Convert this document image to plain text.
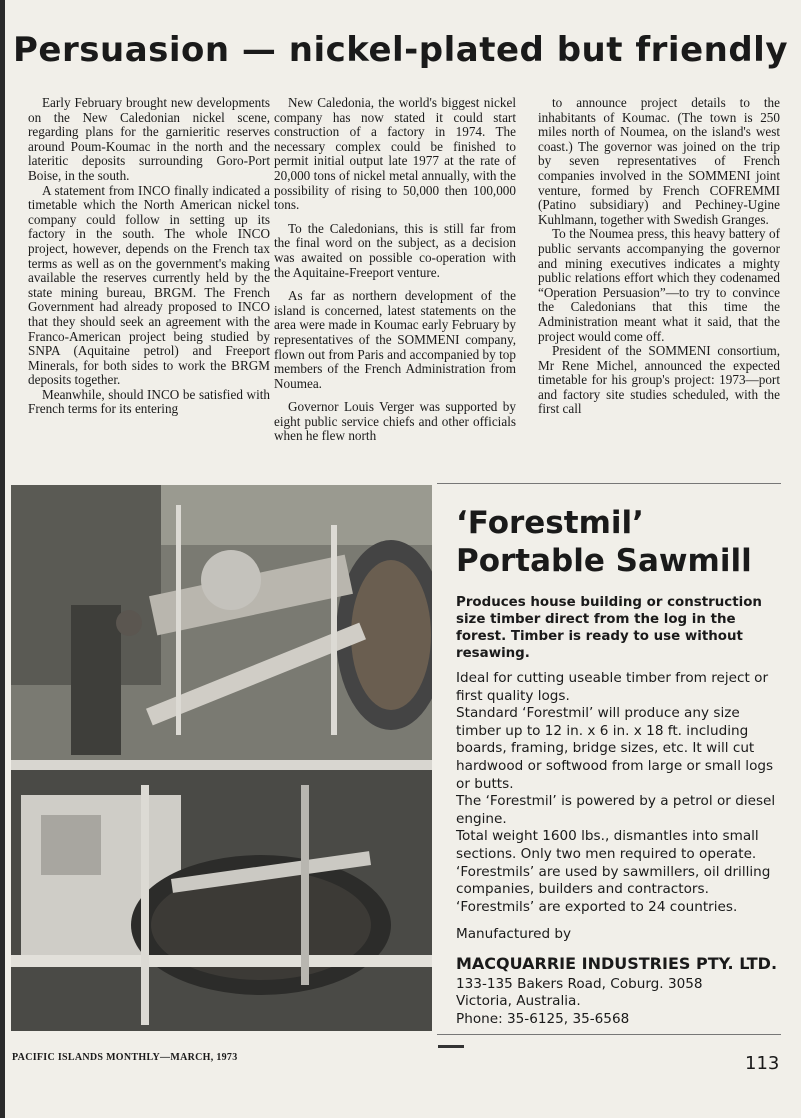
Persuasion — nickel-plated but friendly

Early February brought new developments on the New Caledonian nickel scene, regarding plans for the garnieritic reserves around Poum-Koumac in the north and the lateritic deposits surrounding Goro-Port Boise, in the south.

A statement from INCO finally indicated a timetable which the North American nickel company could follow in setting up its factory in the south. The whole INCO project, however, depends on the French tax terms as well as on the government's making available the reserves currently held by the state mining bureau, BRGM. The French Government had already proposed to INCO that they should seek an agreement with the Franco-American project being studied by SNPA (Aquitaine petrol) and Freeport Minerals, for both sides to work the BRGM deposits together.

Meanwhile, should INCO be satisfied with French terms for its entering

New Caledonia, the world's biggest nickel company has now stated it could start construction of a factory in 1974. The necessary complex could be finished to permit initial output late 1977 at the rate of 20,000 tons of nickel metal annually, with the possibility of rising to 50,000 then 100,000 tons.

To the Caledonians, this is still far from the final word on the subject, as a decision was awaited on possible co-operation with the Aquitaine-Freeport venture.

As far as northern development of the island is concerned, latest statements on the area were made in Koumac early February by representatives of the SOMMENI company, flown out from Paris and accompanied by top members of the French Administration from Noumea.

Governor Louis Verger was supported by eight public service chiefs and other officials when he flew north

to announce project details to the inhabitants of Koumac. (The town is 250 miles north of Noumea, on the island's west coast.) The governor was joined on the trip by seven representatives of French companies involved in the SOMMENI joint venture, formed by French COFREMMI (Patino subsidiary) and Pechiney-Ugine Kuhlmann, together with Swedish Granges.

To the Noumea press, this heavy battery of public servants accompanying the governor and mining executives indicates a mighty public relations effort which they codenamed “Operation Persuasion”—to try to convince the Caledonians that this time the Administration meant what it said, that the project would come off.

President of the SOMMENI consortium, Mr Rene Michel, announced the expected timetable for his group's project: 1973—port and factory site studies scheduled, with the first call

‘Forestmil’
Portable Sawmill
Produces house building or construction size timber direct from the log in the forest. Timber is ready to use without resawing.

Ideal for cutting useable timber from reject or first quality logs.

Standard ‘Forestmil’ will produce any size timber up to 12 in. x 6 in. x 18 ft. including boards, framing, bridge sizes, etc. It will cut hardwood or softwood from large or small logs or butts.

The ‘Forestmil’ is powered by a petrol or diesel engine.

Total weight 1600 lbs., dismantles into small sections. Only two men required to operate. ‘Forestmils’ are used by sawmillers, oil drilling companies, builders and contractors.

‘Forestmils’ are exported to 24 countries.

Manufactured by
MACQUARRIE INDUSTRIES PTY. LTD.
133-135 Bakers Road, Coburg. 3058
Victoria, Australia.
Phone: 35-6125, 35-6568
PACIFIC ISLANDS MONTHLY—MARCH, 1973	113
